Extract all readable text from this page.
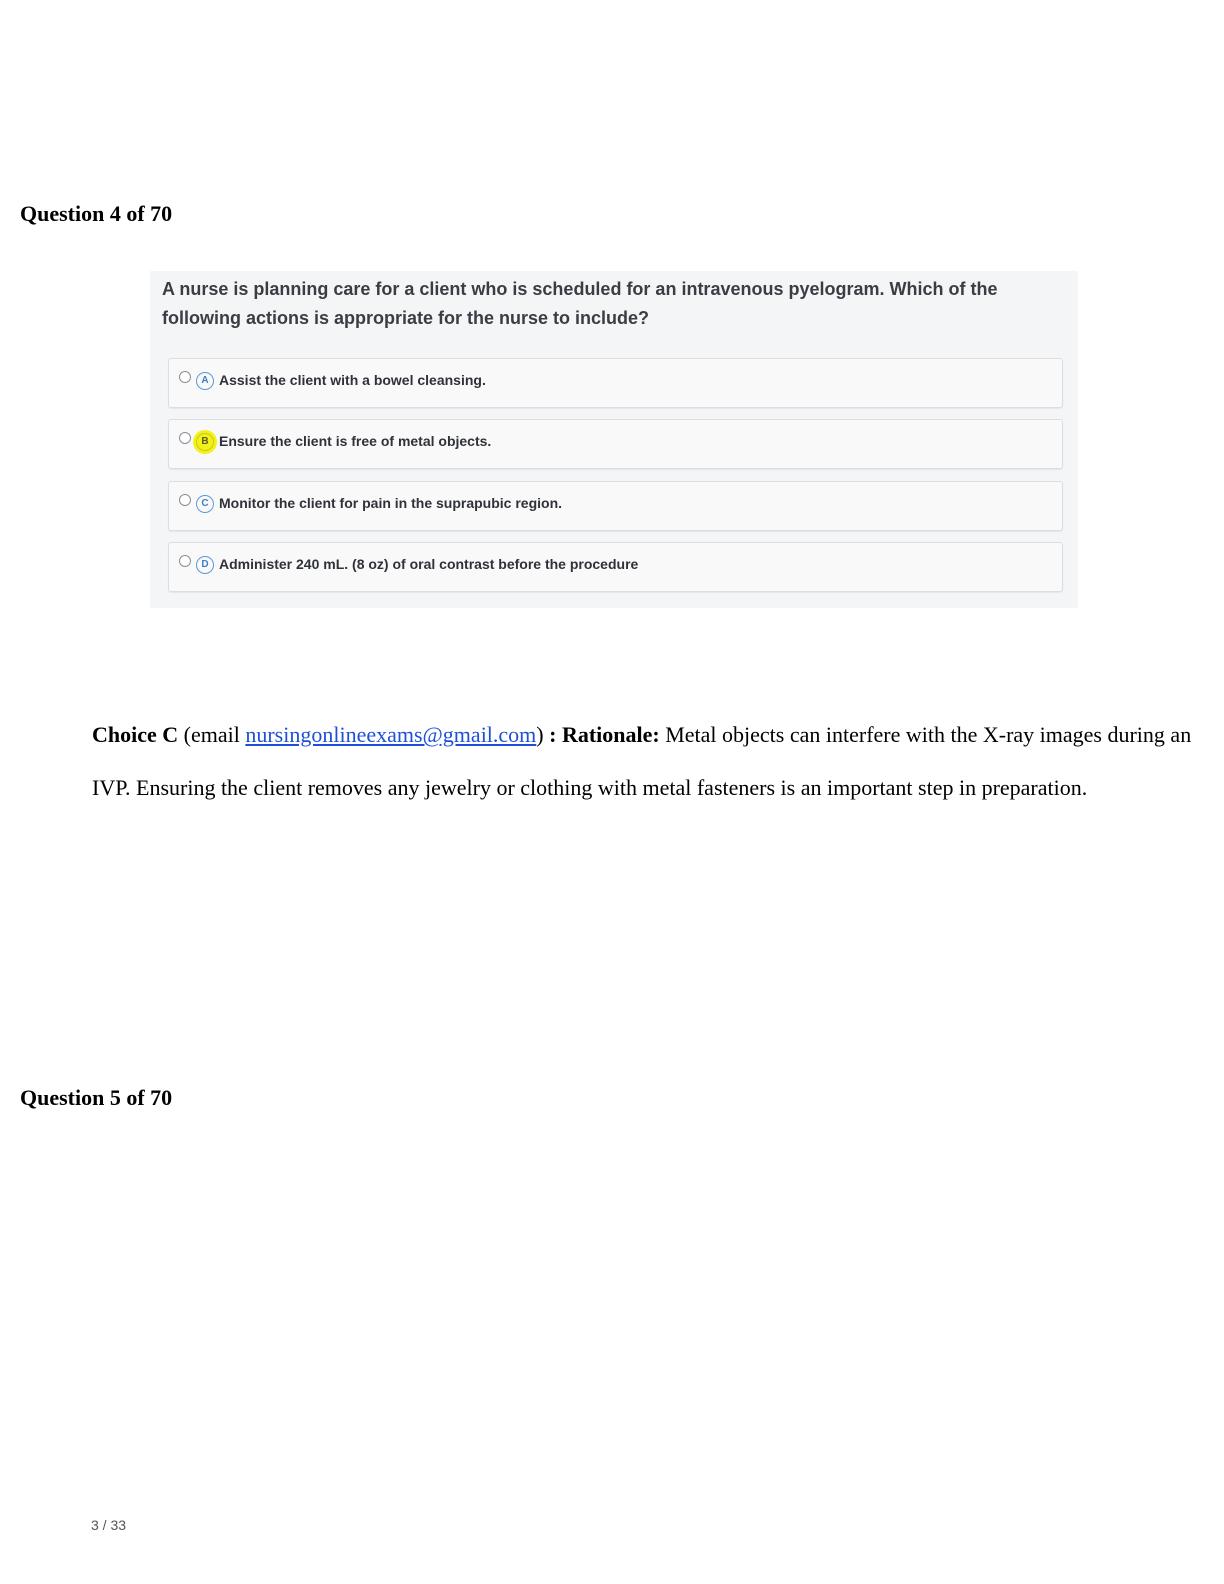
Question 4 of 70

A nurse is planning care for a client who is scheduled for an intravenous pyelogram. Which of the following actions is appropriate for the nurse to include?

A Assist the client with a bowel cleansing.
B Ensure the client is free of metal objects.
C Monitor the client for pain in the suprapubic region.
D Administer 240 mL. (8 oz) of oral contrast before the procedure

Choice C (email nursingonlineexams@gmail.com) : Rationale: Metal objects can interfere with the X-ray images during an IVP. Ensuring the client removes any jewelry or clothing with metal fasteners is an important step in preparation.

Question 5 of 70
3 / 33
